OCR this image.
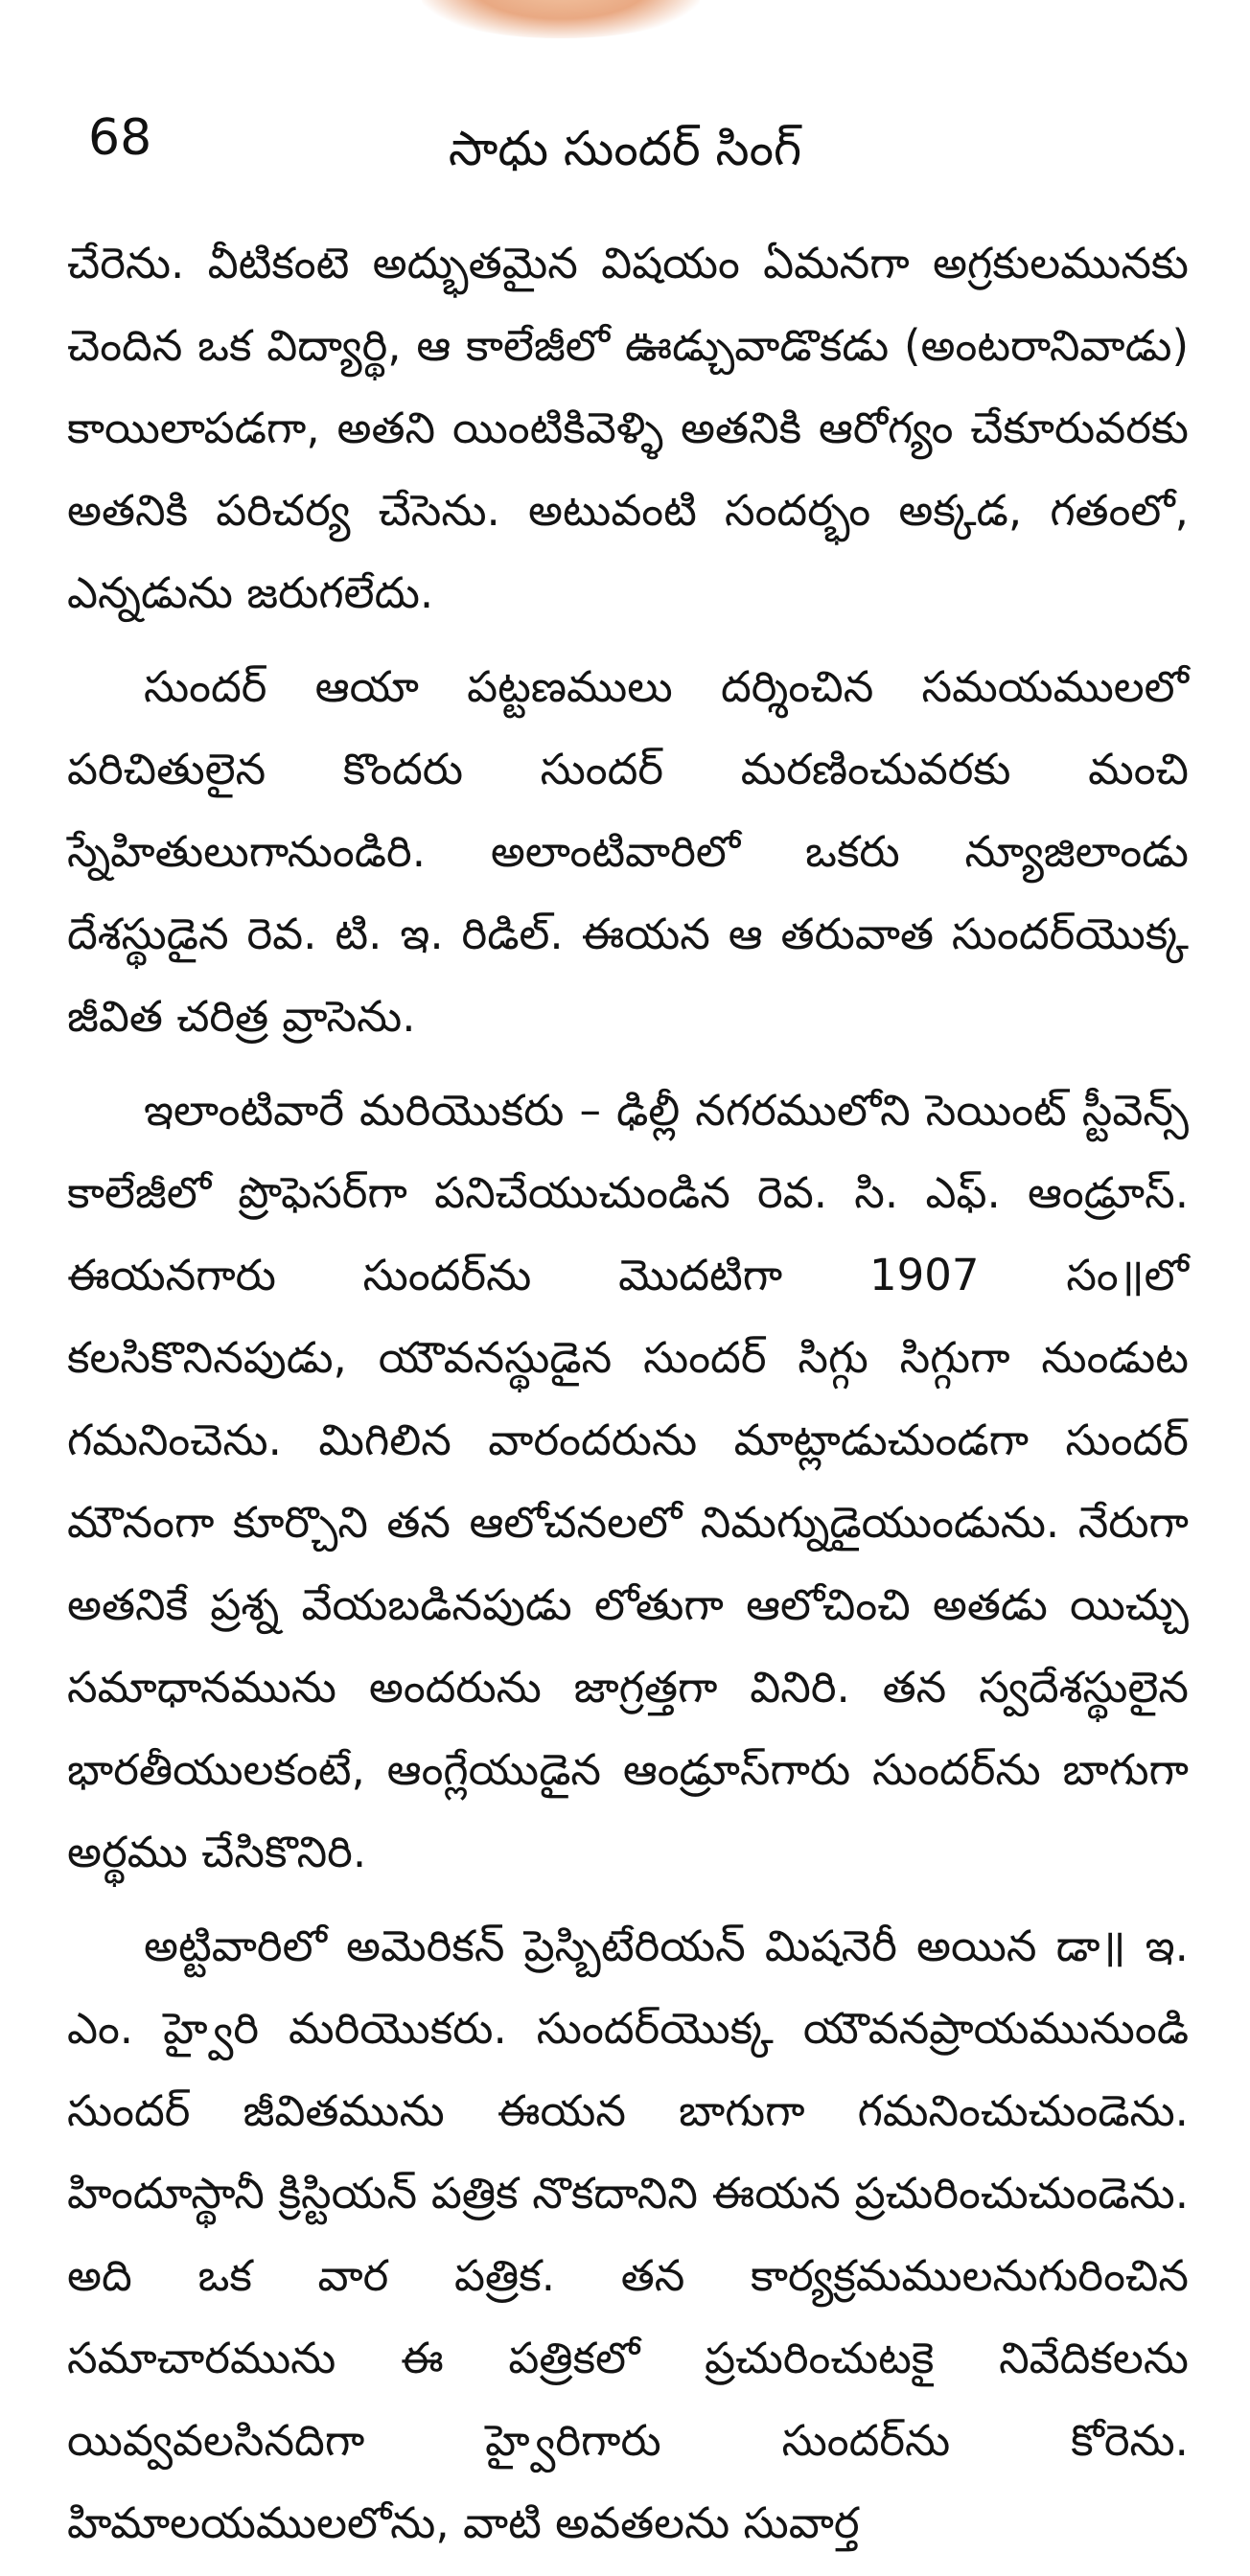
68	సాధు సుందర్ సింగ్

చేరెను. వీటికంటె అద్భుతమైన విషయం ఏమనగా అగ్రకులమునకు చెందిన ఒక విద్యార్థి, ఆ కాలేజీలో ఊడ్చువాడొకడు (అంటరానివాడు) కాయిలాపడగా, అతని యింటికివెళ్ళి అతనికి ఆరోగ్యం చేకూరువరకు అతనికి పరిచర్య చేసెను. అటువంటి సందర్భం అక్కడ, గతంలో, ఎన్నడును జరుగలేదు.

సుందర్ ఆయా పట్టణములు దర్శించిన సమయములలో పరిచితులైన కొందరు సుందర్ మరణించువరకు మంచి స్నేహితులుగానుండిరి. అలాంటివారిలో ఒకరు న్యూజిలాండు దేశస్థుడైన రెవ. టి. ఇ. రిడిల్. ఈయన ఆ తరువాత సుందర్‌యొక్క జీవిత చరిత్ర వ్రాసెను.

ఇలాంటివారే మరియొకరు – ఢిల్లీ నగరములోని సెయింట్ స్టీవెన్స్ కాలేజీలో ప్రొఫెసర్‌గా పనిచేయుచుండిన రెవ. సి. ఎఫ్. ఆండ్రూస్. ఈయనగారు సుందర్‌ను మొదటిగా 1907 సం॥లో కలసికొనినపుడు, యౌవనస్థుడైన సుందర్ సిగ్గు సిగ్గుగా నుండుట గమనించెను. మిగిలిన వారందరును మాట్లాడుచుండగా సుందర్ మౌనంగా కూర్చొని తన ఆలోచనలలో నిమగ్నుడైయుండును. నేరుగా అతనికే ప్రశ్న వేయబడినపుడు లోతుగా ఆలోచించి అతడు యిచ్చు సమాధానమును అందరును జాగ్రత్తగా వినిరి. తన స్వదేశస్థులైన భారతీయులకంటే, ఆంగ్లేయుడైన ఆండ్రూస్‌గారు సుందర్‌ను బాగుగా అర్థము చేసికొనిరి.

అట్టివారిలో అమెరికన్ ప్రెస్బిటేరియన్ మిషనెరీ అయిన డా॥ ఇ. ఎం. హ్వైరి మరియొకరు. సుందర్‌యొక్క యౌవనప్రాయమునుండి సుందర్ జీవితమును ఈయన బాగుగా గమనించుచుండెను. హిందూస్థానీ క్రిస్టియన్ పత్రిక నొకదానిని ఈయన ప్రచురించుచుండెను. అది ఒక వార పత్రిక. తన కార్యక్రమములనుగురించిన సమాచారమును ఈ పత్రికలో ప్రచురించుటకై నివేదికలను యివ్వవలసినదిగా హ్వైరిగారు సుందర్‌ను కోరెను. హిమాలయములలోను, వాటి అవతలను సువార్త
